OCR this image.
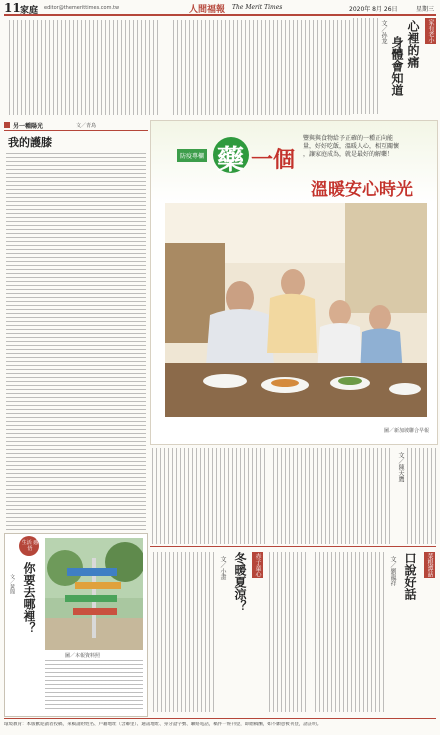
11 家庭 editor@themerittimes.com.tw	人間福報 The Merit Times	2020年 8月 26日	星期三
家有老小
心裡的痛
身體會知道
文／孙龙
另一種陽光	文／青鳥
我的護膝
防疫專欄 藥 一個
溫暖安心時光
豐與與食物給予正確的一種正向能
量，好好吃飯，溫暖人心，相互關懷
，讓家庭成為，就是最好的解藥！
圖／新加坡聯合早報
文／陳天鷹
赤子童心
冬暖夏涼？
文／小畫	菜根譚話
口說好話
文／劉龍祥
生活 感悟
你要去哪裡？
文／黃聞
圖／本報資料照
環境教育：本版歡迎讀者投稿，來稿請附姓名、戶籍地址（含鄰里）、通訊地址、身分證字號、聯絡電話，稿件一經刊登，即贈稿酬，如不願意被刊登，請註明。
